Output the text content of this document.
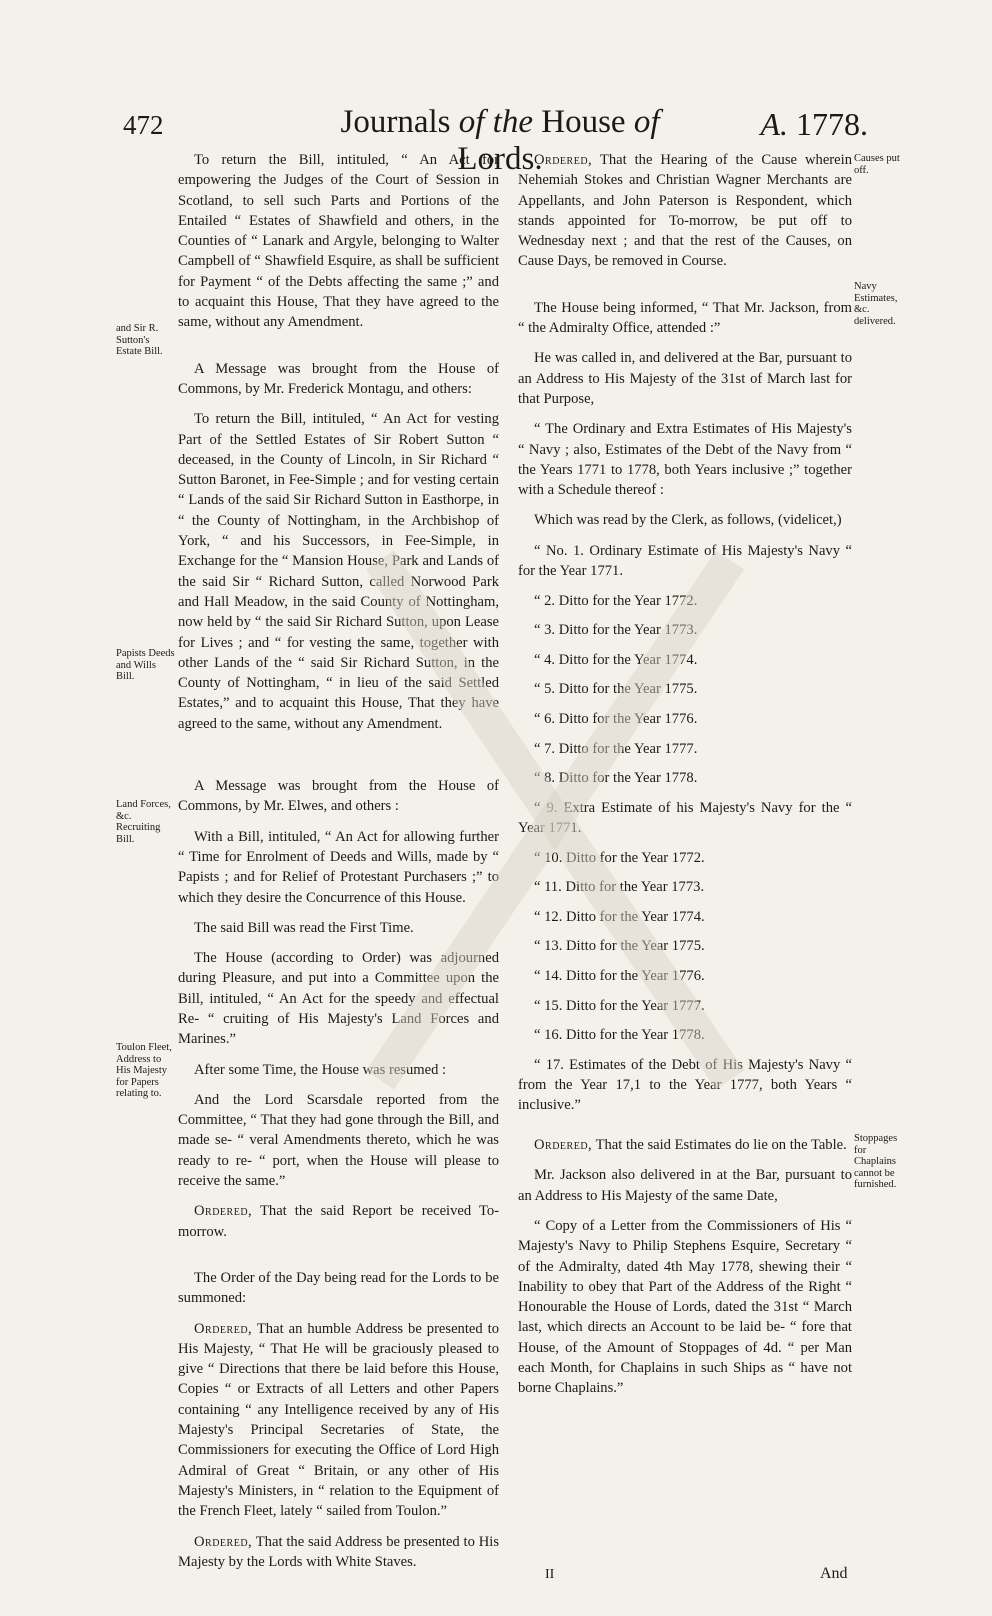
472	Journals of the House of Lords.
A. 1778.

To return the Bill, intituled, “ An Act for empowering the Judges of the Court of Session in Scotland, to sell such Parts and Portions of the Entailed “ Estates of Shawfield and others, in the Counties of “ Lanark and Argyle, belonging to Walter Campbell of “ Shawfield Esquire, as shall be sufficient for Payment “ of the Debts affecting the same ;” and to acquaint this House, That they have agreed to the same, without any Amendment.

A Message was brought from the House of Commons, by Mr. Frederick Montagu, and others:

To return the Bill, intituled, “ An Act for vesting Part of the Settled Estates of Sir Robert Sutton “ deceased, in the County of Lincoln, in Sir Richard “ Sutton Baronet, in Fee-Simple ; and for vesting certain “ Lands of the said Sir Richard Sutton in Easthorpe, in “ the County of Nottingham, in the Archbishop of York, “ and his Successors, in Fee-Simple, in Exchange for the “ Mansion House, Park and Lands of the said Sir “ Richard Sutton, called Norwood Park and Hall Meadow, in the said County of Nottingham, now held by “ the said Sir Richard Sutton, upon Lease for Lives ; and “ for vesting the same, together with other Lands of the “ said Sir Richard Sutton, in the County of Nottingham, “ in lieu of the said Settled Estates,” and to acquaint this House, That they have agreed to the same, without any Amendment.

A Message was brought from the House of Commons, by Mr. Elwes, and others :

With a Bill, intituled, “ An Act for allowing further “ Time for Enrolment of Deeds and Wills, made by “ Papists ; and for Relief of Protestant Purchasers ;” to which they desire the Concurrence of this House.

The said Bill was read the First Time.

The House (according to Order) was adjourned during Pleasure, and put into a Committee upon the Bill, intituled, “ An Act for the speedy and effectual Re- “ cruiting of His Majesty's Land Forces and Marines.”

After some Time, the House was resumed :

And the Lord Scarsdale reported from the Committee, “ That they had gone through the Bill, and made se- “ veral Amendments thereto, which he was ready to re- “ port, when the House will please to receive the same.”

Ordered, That the said Report be received To-morrow.

The Order of the Day being read for the Lords to be summoned:

Ordered, That an humble Address be presented to His Majesty, “ That He will be graciously pleased to give “ Directions that there be laid before this House, Copies “ or Extracts of all Letters and other Papers containing “ any Intelligence received by any of His Majesty's Principal Secretaries of State, the Commissioners for executing the Office of Lord High Admiral of Great “ Britain, or any other of His Majesty's Ministers, in “ relation to the Equipment of the French Fleet, lately “ sailed from Toulon.”

Ordered, That the said Address be presented to His Majesty by the Lords with White Staves.

and Sir R. Sutton's Estate Bill.
Papists Deeds and Wills Bill.
Land Forces, &c. Recruiting Bill.
Toulon Fleet, Address to His Majesty for Papers relating to.

Ordered, That the Hearing of the Cause wherein Nehemiah Stokes and Christian Wagner Merchants are Appellants, and John Paterson is Respondent, which stands appointed for To-morrow, be put off to Wednesday next ; and that the rest of the Causes, on Cause Days, be removed in Course.

The House being informed, “ That Mr. Jackson, from “ the Admiralty Office, attended :”

He was called in, and delivered at the Bar, pursuant to an Address to His Majesty of the 31st of March last for that Purpose,

“ The Ordinary and Extra Estimates of His Majesty's “ Navy ; also, Estimates of the Debt of the Navy from “ the Years 1771 to 1778, both Years inclusive ;” together with a Schedule thereof :

Which was read by the Clerk, as follows, (videlicet,)

“ No. 1. Ordinary Estimate of His Majesty's Navy “ for the Year 1771.

“ 2. Ditto for the Year 1772.

“ 3. Ditto for the Year 1773.

“ 4. Ditto for the Year 1774.

“ 5. Ditto for the Year 1775.

“ 6. Ditto for the Year 1776.

“ 7. Ditto for the Year 1777.

“ 8. Ditto for the Year 1778.

“ 9. Extra Estimate of his Majesty's Navy for the “ Year 1771.

“ 10. Ditto for the Year 1772.

“ 11. Ditto for the Year 1773.

“ 12. Ditto for the Year 1774.

“ 13. Ditto for the Year 1775.

“ 14. Ditto for the Year 1776.

“ 15. Ditto for the Year 1777.

“ 16. Ditto for the Year 1778.

“ 17. Estimates of the Debt of His Majesty's Navy “ from the Year 17,1 to the Year 1777, both Years “ inclusive.”

Ordered, That the said Estimates do lie on the Table.

Mr. Jackson also delivered in at the Bar, pursuant to an Address to His Majesty of the same Date,

“ Copy of a Letter from the Commissioners of His “ Majesty's Navy to Philip Stephens Esquire, Secretary “ of the Admiralty, dated 4th May 1778, shewing their “ Inability to obey that Part of the Address of the Right “ Honourable the House of Lords, dated the 31st “ March last, which directs an Account to be laid be- “ fore that House, of the Amount of Stoppages of 4d. “ per Man each Month, for Chaplains in such Ships as “ have not borne Chaplains.”

Causes put off.
Navy Estimates, &c. delivered.
Stoppages for Chaplains cannot be furnished.
II	And
